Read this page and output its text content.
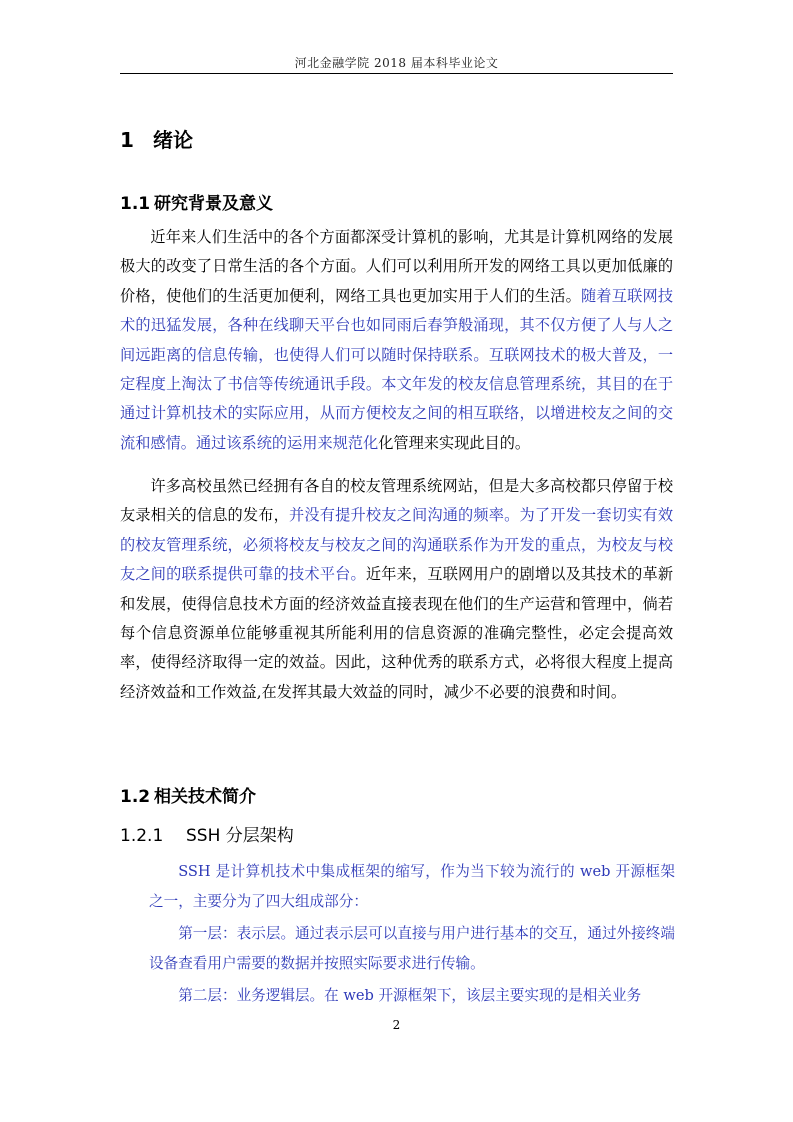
河北金融学院 2018 届本科毕业论文
1 绪论
1.1 研究背景及意义

近年来人们生活中的各个方面都深受计算机的影响，尤其是计算机网络的发展极大的改变了日常生活的各个方面。人们可以利用所开发的网络工具以更加低廉的价格，使他们的生活更加便利，网络工具也更加实用于人们的生活。随着互联网技术的迅猛发展，各种在线聊天平台也如同雨后春笋般涌现，其不仅方便了人与人之间远距离的信息传输，也使得人们可以随时保持联系。互联网技术的极大普及，一定程度上淘汰了书信等传统通讯手段。本文年发的校友信息管理系统，其目的在于通过计算机技术的实际应用，从而方便校友之间的相互联络，以增进校友之间的交流和感情。通过该系统的运用来规范化化管理来实现此目的。

许多高校虽然已经拥有各自的校友管理系统网站，但是大多高校都只停留于校友录相关的信息的发布，并没有提升校友之间沟通的频率。为了开发一套切实有效的校友管理系统，必须将校友与校友之间的沟通联系作为开发的重点，为校友与校友之间的联系提供可靠的技术平台。近年来，互联网用户的剧增以及其技术的革新和发展，使得信息技术方面的经济效益直接表现在他们的生产运营和管理中，倘若每个信息资源单位能够重视其所能利用的信息资源的准确完整性，必定会提高效率，使得经济取得一定的效益。因此，这种优秀的联系方式，必将很大程度上提高经济效益和工作效益,在发挥其最大效益的同时，减少不必要的浪费和时间。

1.2 相关技术简介
1.2.1 SSH 分层架构

SSH 是计算机技术中集成框架的缩写，作为当下较为流行的 web 开源框架之一，主要分为了四大组成部分：

第一层：表示层。通过表示层可以直接与用户进行基本的交互，通过外接终端设备查看用户需要的数据并按照实际要求进行传输。

第二层：业务逻辑层。在 web 开源框架下，该层主要实现的是相关业务

2
